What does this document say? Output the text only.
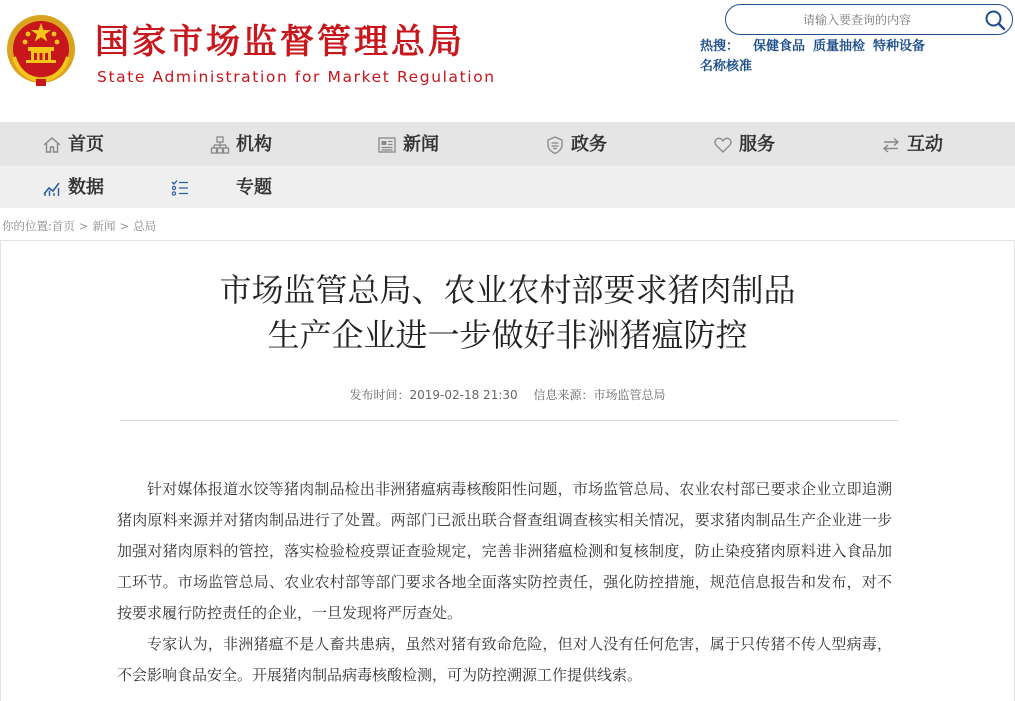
国家市场监督管理总局
State Administration for Market Regulation
请输入要查询的内容
热搜： 保健食品 质量抽检 特种设备
名称核准
首页	机构	新闻	政务	服务	互动
数据	专题
你的位置:首页 > 新闻 > 总局
市场监管总局、农业农村部要求猪肉制品
生产企业进一步做好非洲猪瘟防控
发布时间：2019-02-18 21:30 信息来源：市场监管总局

针对媒体报道水饺等猪肉制品检出非洲猪瘟病毒核酸阳性问题，市场监管总局、农业农村部已要求企业立即追溯猪肉原料来源并对猪肉制品进行了处置。两部门已派出联合督查组调查核实相关情况，要求猪肉制品生产企业进一步加强对猪肉原料的管控，落实检验检疫票证查验规定，完善非洲猪瘟检测和复核制度，防止染疫猪肉原料进入食品加工环节。市场监管总局、农业农村部等部门要求各地全面落实防控责任，强化防控措施，规范信息报告和发布，对不按要求履行防控责任的企业，一旦发现将严厉查处。

专家认为，非洲猪瘟不是人畜共患病，虽然对猪有致命危险，但对人没有任何危害，属于只传猪不传人型病毒，不会影响食品安全。开展猪肉制品病毒核酸检测，可为防控溯源工作提供线索。
